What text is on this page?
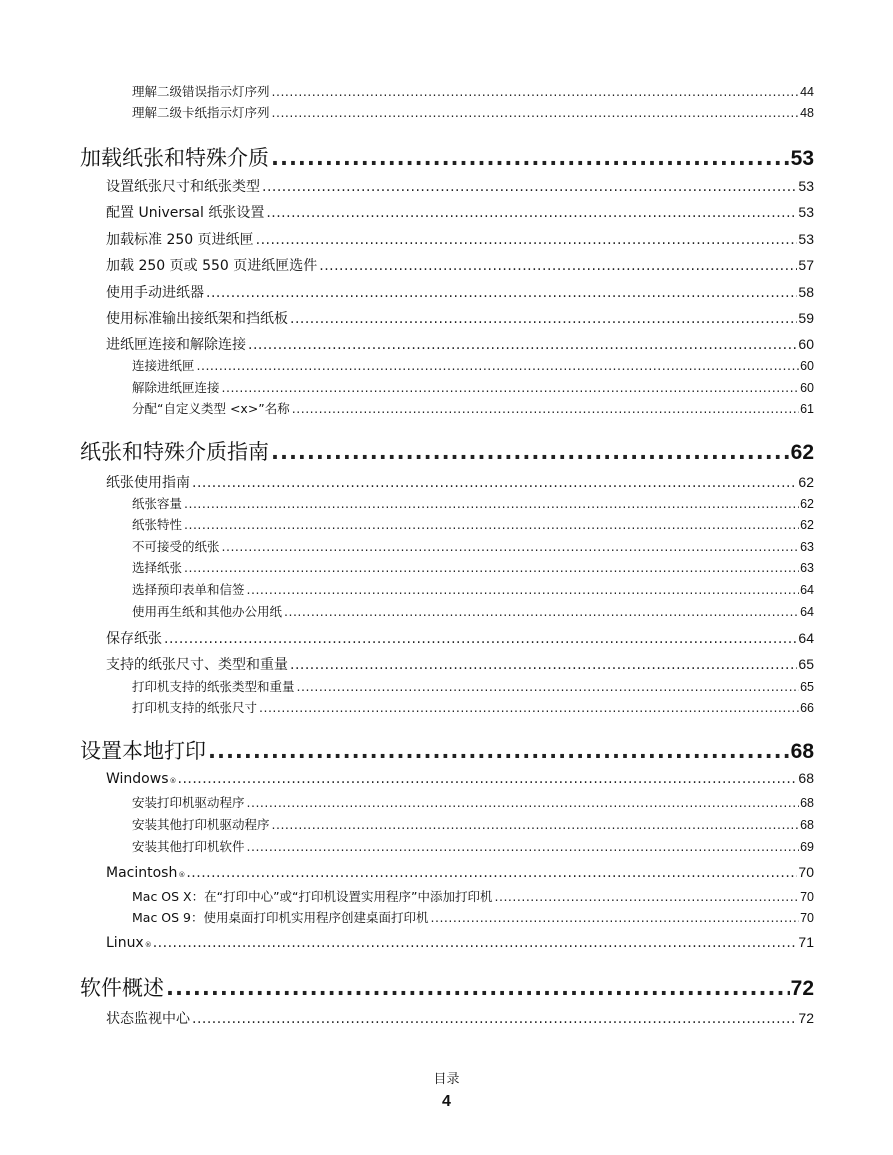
理解二级错误指示灯序列 .....	44
理解二级卡纸指示灯序列 .....	48
加载纸张和特殊介质 .....	53
设置纸张尺寸和纸张类型 .....	53
配置 Universal 纸张设置 .....	53
加载标准 250 页进纸匣 .....	53
加载 250 页或 550 页进纸匣选件 .....	57
使用手动进纸器 .....	58
使用标准输出接纸架和挡纸板 .....	59
进纸匣连接和解除连接 .....	60
连接进纸匣 .....	60
解除进纸匣连接 .....	60
分配“自定义类型 <x>”名称 .....	61
纸张和特殊介质指南 .....	62
纸张使用指南 .....	62
纸张容量 .....	62
纸张特性 .....	62
不可接受的纸张 .....	63
选择纸张 .....	63
选择预印表单和信签 .....	64
使用再生纸和其他办公用纸 .....	64
保存纸张 .....	64
支持的纸张尺寸、类型和重量 .....	65
打印机支持的纸张类型和重量 .....	65
打印机支持的纸张尺寸 .....	66
设置本地打印 .....	68
Windows ® .....	68
安装打印机驱动程序 .....	68
安装其他打印机驱动程序 .....	68
安装其他打印机软件 .....	69
Macintosh ® .....	70
Mac OS X：在“打印中心”或“打印机设置实用程序”中添加打印机 .....	70
Mac OS 9：使用桌面打印机实用程序创建桌面打印机 .....	70
Linux ® .....	71
软件概述 .....	72
状态监视中心 .....	72
目录
4
